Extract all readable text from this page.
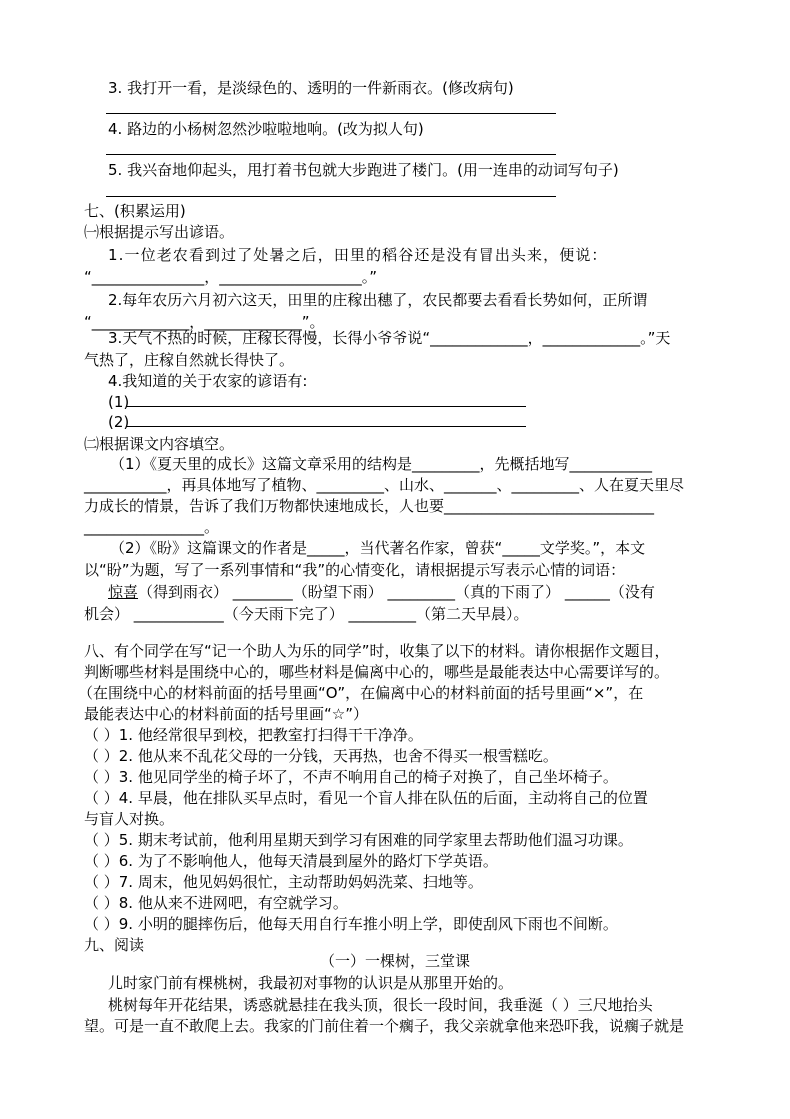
3. 我打开一看，是淡绿色的、透明的一件新雨衣。(修改病句)
4. 路边的小杨树忽然沙啦啦地响。(改为拟人句)
5. 我兴奋地仰起头，甩打着书包就大步跑进了楼门。(用一连串的动词写句子)
七、(积累运用)
㈠根据提示写出谚语。
1.一位老农看到过了处暑之后，田里的稻谷还是没有冒出头来，便说：
“_______________，___________________。”
2.每年农历六月初六这天，田里的庄稼出穗了，农民都要去看看长势如何，正所谓
“_____________，_____________”。
3.天气不热的时候，庄稼长得慢，长得小爷爷说“_____________，_____________。”天
气热了，庄稼自然就长得快了。
4.我知道的关于农家的谚语有:
(1)
(2)
㈡根据课文内容填空。
（1）《夏天里的成长》这篇文章采用的结构是_________，先概括地写___________
___________，再具体地写了植物、_________、山水、_______、_________、人在夏天里尽
力成长的情景，告诉了我们万物都快速地成长，人也要____________________________
________________。
（2）《盼》这篇课文的作者是_____，当代著名作家，曾获“_____文学奖。”，本文
以“盼”为题，写了一系列事情和“我”的心情变化，请根据提示写表示心情的词语：
惊喜（得到雨衣） ________（盼望下雨） _________（真的下雨了） ______（没有
机会） ____________（今天雨下完了） _________（第二天早晨）。
八、有个同学在写“记一个助人为乐的同学”时，收集了以下的材料。请你根据作文题目，
判断哪些材料是围绕中心的，哪些材料是偏离中心的，哪些是最能表达中心需要详写的。
（在围绕中心的材料前面的括号里画“O”，在偏离中心的材料前面的括号里画“×”，在
最能表达中心的材料前面的括号里画“☆”）
（ ）1. 他经常很早到校，把教室打扫得干干净净。
（ ）2. 他从来不乱花父母的一分钱，天再热，也舍不得买一根雪糕吃。
（ ）3. 他见同学坐的椅子坏了，不声不响用自己的椅子对换了，自己坐坏椅子。
（ ）4. 早晨，他在排队买早点时，看见一个盲人排在队伍的后面，主动将自己的位置
与盲人对换。
（ ）5. 期末考试前，他利用星期天到学习有困难的同学家里去帮助他们温习功课。
（ ）6. 为了不影响他人，他每天清晨到屋外的路灯下学英语。
（ ）7. 周末，他见妈妈很忙，主动帮助妈妈洗菜、扫地等。
（ ）8. 他从来不进网吧，有空就学习。
（ ）9. 小明的腿摔伤后，他每天用自行车推小明上学，即使刮风下雨也不间断。
九、阅读
（一）一棵树，三堂课
儿时家门前有棵桃树，我最初对事物的认识是从那里开始的。
桃树每年开花结果，诱惑就悬挂在我头顶，很长一段时间，我垂涎（ ）三尺地抬头
望。可是一直不敢爬上去。我家的门前住着一个瘸子，我父亲就拿他来恐吓我，说瘸子就是
